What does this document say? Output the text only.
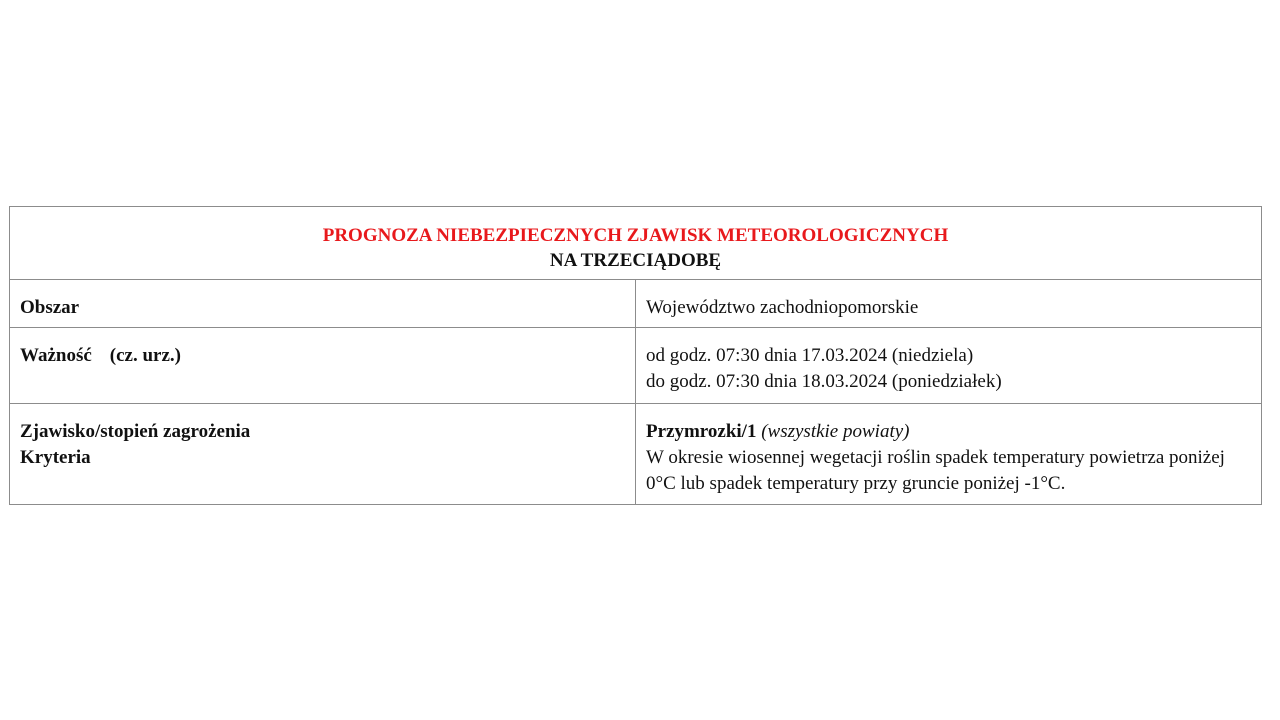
PROGNOZA NIEBEZPIECZNYCH ZJAWISK METEOROLOGICZNYCH
NA TRZECIĄDOBĘ	

Obszar	Województwo zachodniopomorskie
Ważność (cz. urz.)	od godz. 07:30 dnia 17.03.2024 (niedziela)
do godz. 07:30 dnia 18.03.2024 (poniedziałek)

Zjawisko/stopień zagrożenia
Kryteria	Przymrozki/1 (wszystkie powiaty)
W okresie wiosennej wegetacji roślin spadek temperatury powietrza poniżej 0°C lub spadek temperatury przy gruncie poniżej -1°C.
